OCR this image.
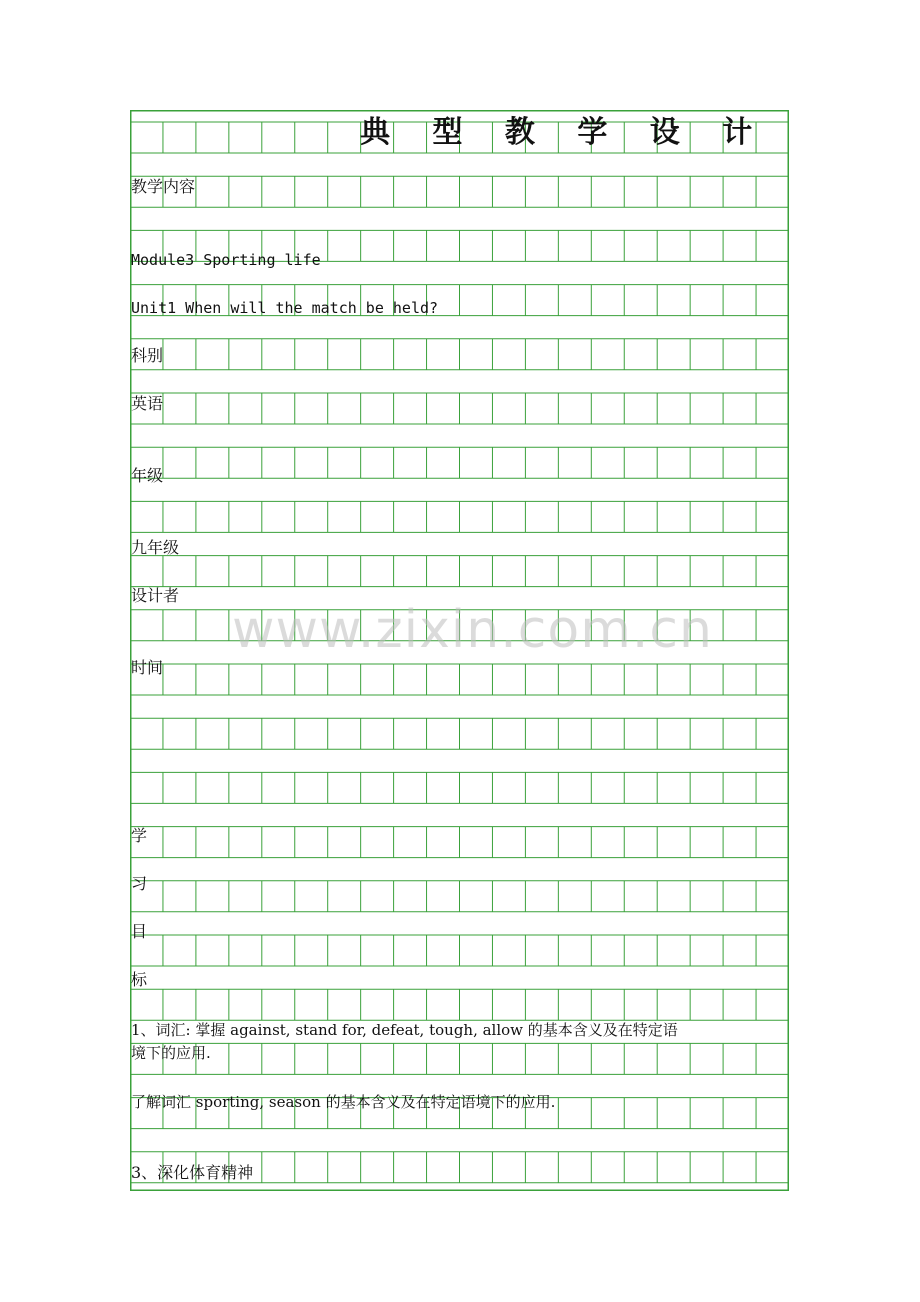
典 型 教 学 设 计
教学内容
Module3 Sporting life
Unit1 When will the match be held?
科别
英语
年级
九年级
设计者
时间
学
习
目
标
1、词汇: 掌握 against, stand for, defeat, tough, allow 的基本含义及在特定语
境下的应用.
了解词汇 sporting, season 的基本含义及在特定语境下的应用.
3、深化体育精神
www.zixin.com.cn
